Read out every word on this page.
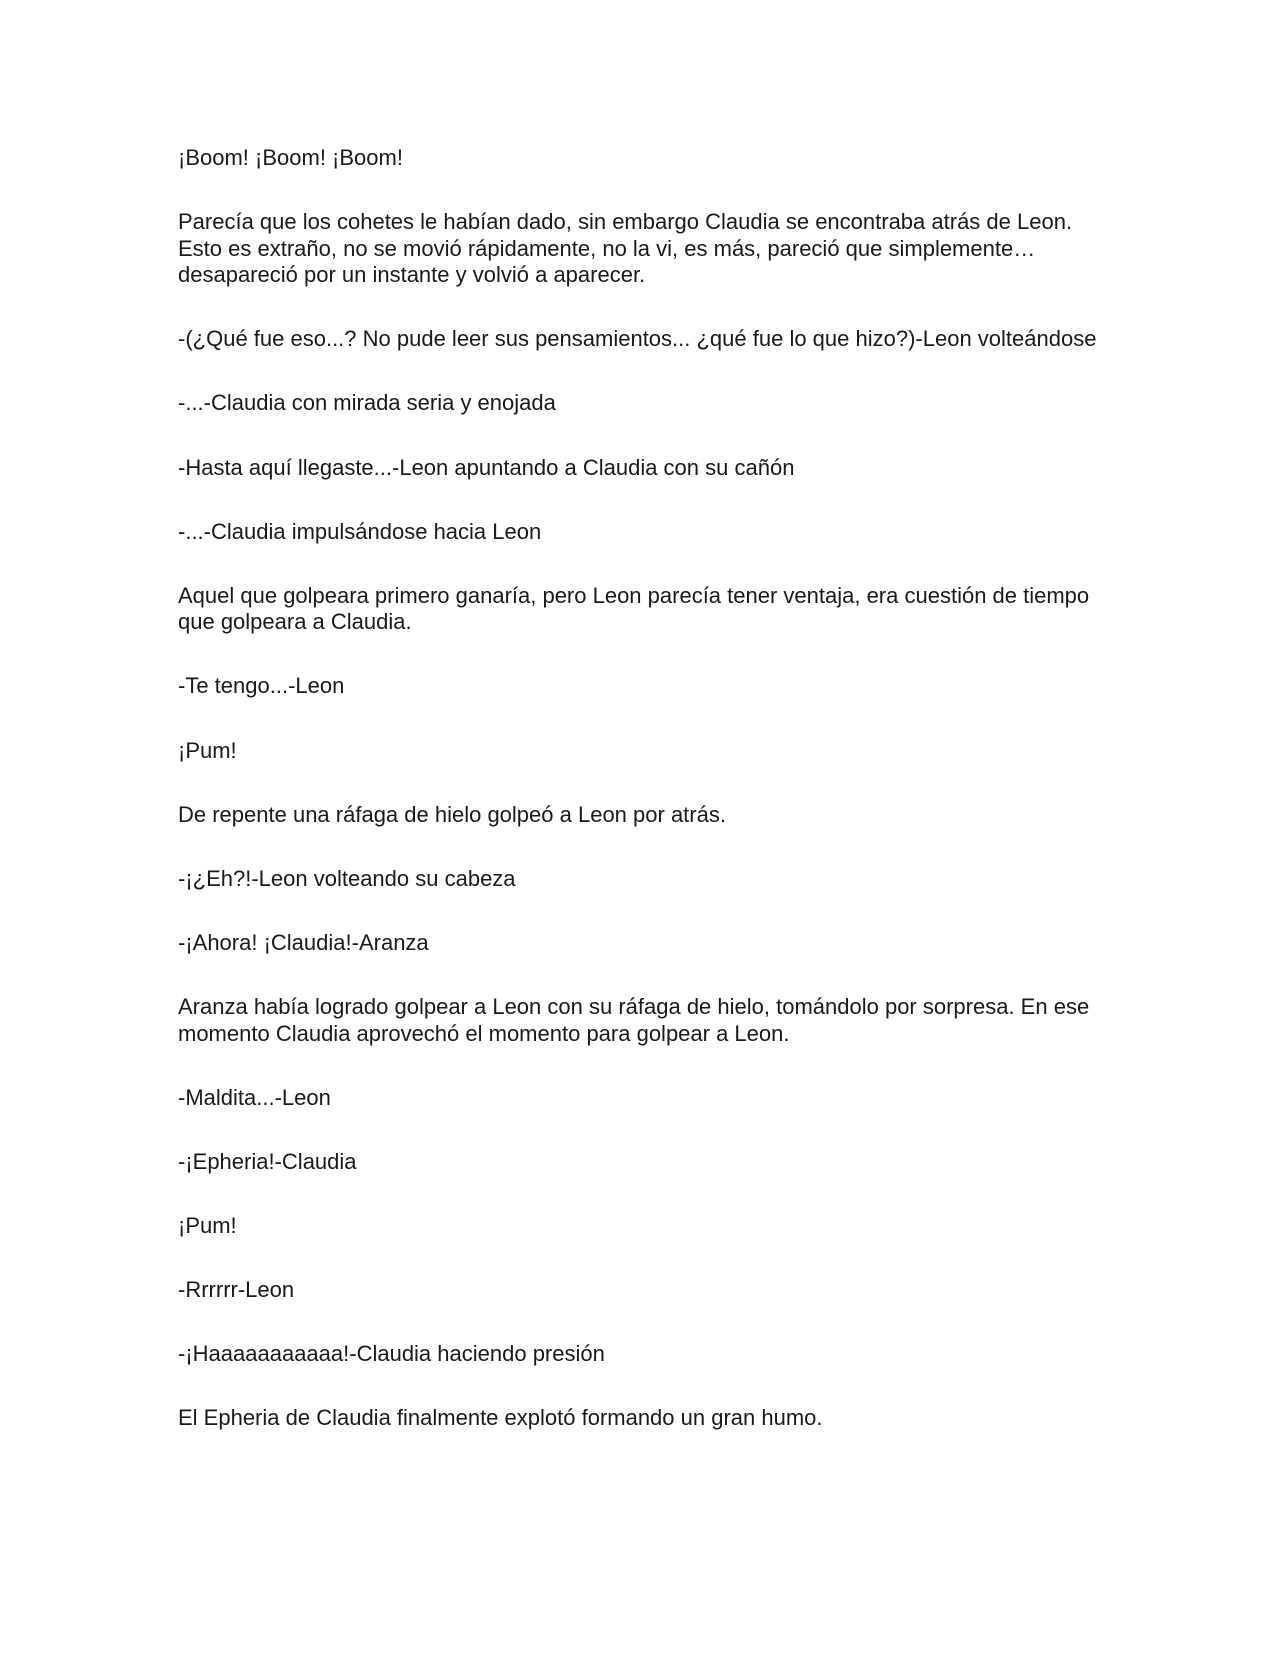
¡Boom! ¡Boom! ¡Boom!

Parecía que los cohetes le habían dado, sin embargo Claudia se encontraba atrás de Leon. Esto es extraño, no se movió rápidamente, no la vi, es más, pareció que simplemente… desapareció por un instante y volvió a aparecer.

-(¿Qué fue eso...? No pude leer sus pensamientos... ¿qué fue lo que hizo?)-Leon volteándose

-...-Claudia con mirada seria y enojada

-Hasta aquí llegaste...-Leon apuntando a Claudia con su cañón

-...-Claudia impulsándose hacia Leon

Aquel que golpeara primero ganaría, pero Leon parecía tener ventaja, era cuestión de tiempo que golpeara a Claudia.

-Te tengo...-Leon

¡Pum!

De repente una ráfaga de hielo golpeó a Leon por atrás.

-¡¿Eh?!-Leon volteando su cabeza

-¡Ahora! ¡Claudia!-Aranza

Aranza había logrado golpear a Leon con su ráfaga de hielo, tomándolo por sorpresa. En ese momento Claudia aprovechó el momento para golpear a Leon.

-Maldita...-Leon

-¡Epheria!-Claudia

¡Pum!

-Rrrrrr-Leon

-¡Haaaaaaaaaaa!-Claudia haciendo presión

El Epheria de Claudia finalmente explotó formando un gran humo.
